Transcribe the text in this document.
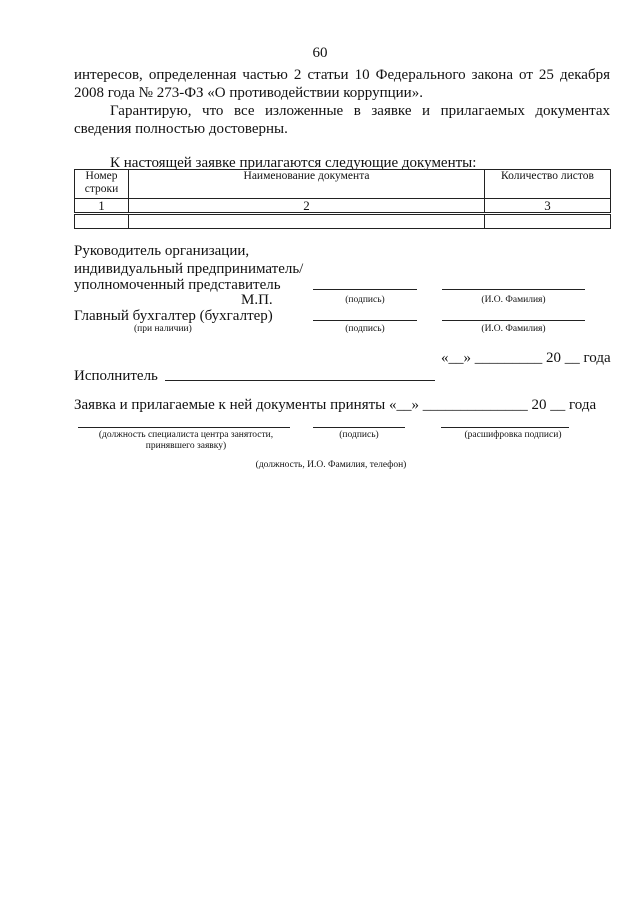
60
интересов, определенная частью 2 статьи 10 Федерального закона от 25 декабря
2008 года № 273-ФЗ «О противодействии коррупции».
Гарантирую, что все изложенные в заявке и прилагаемых документах
сведения полностью достоверны.
К настоящей заявке прилагаются следующие документы:
Номер строки	Наименование документа	Количество листов
1	2	3

Руководитель организации,
индивидуальный предприниматель/
уполномоченный представитель
М.П.	(подпись)	(И.О. Фамилия)
Главный бухгалтер (бухгалтер)
(при наличии)	(подпись)	(И.О. Фамилия)
«__» _________ 20 __ года
Исполнитель
Заявка и прилагаемые к ней документы приняты «__» ______________ 20 __ года
(должность специалиста центра занятости, принявшего заявку)
(подпись)	(расшифровка подписи)
(должность, И.О. Фамилия, телефон)
